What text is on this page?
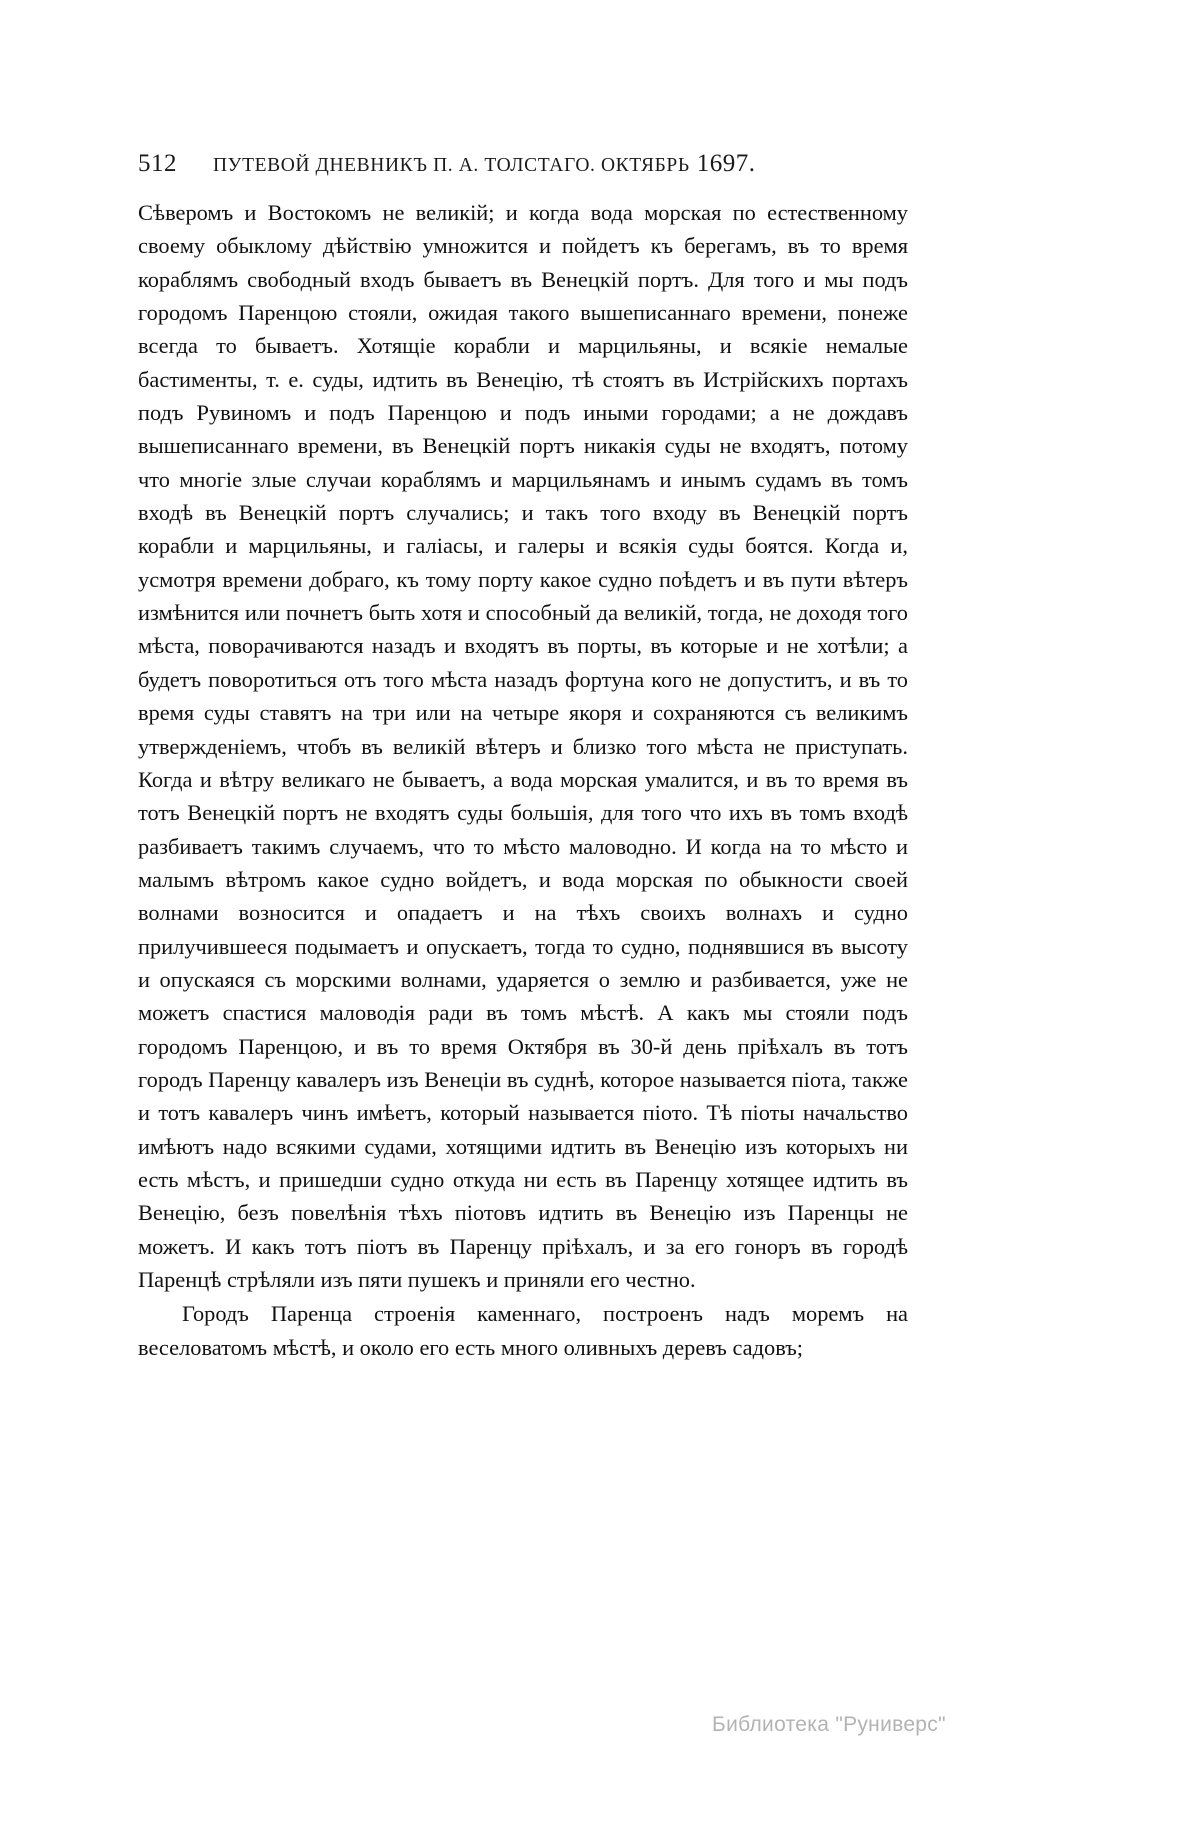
512 ПУТЕВОЙ ДНЕВНИКЪ П. А. ТОЛСТАГО. ОКТЯБРЬ 1697.

Сѣверомъ и Востокомъ не великiй; и когда вода морская по естественному своему обыклому дѣйствiю умножится и пойдетъ къ берегамъ, въ то время кораблямъ свободный входъ бываетъ въ Венецкiй портъ. Для того и мы подъ городомъ Паренцою стояли, ожидая такого вышеписаннаго времени, понеже всегда то бываетъ. Хотящiе корабли и марцильяны, и всякiе немалые бастименты, т. е. суды, идтить въ Венецiю, тѣ стоятъ въ Истрiйскихъ портахъ подъ Рувиномъ и подъ Паренцою и подъ иными городами; а не дождавъ вышеписаннаго времени, въ Венецкiй портъ никакiя суды не входятъ, потому что многiе злые случаи кораблямъ и марцильянамъ и инымъ судамъ въ томъ входѣ въ Венецкiй портъ случались; и такъ того входу въ Венецкiй портъ корабли и марцильяны, и галiасы, и галеры и всякiя суды боятся. Когда и, усмотря времени добраго, къ тому порту какое судно поѣдетъ и въ пути вѣтеръ измѣнится или почнетъ быть хотя и способный да великiй, тогда, не доходя того мѣста, поворачиваются назадъ и входятъ въ порты, въ которые и не хотѣли; а будетъ поворотиться отъ того мѣста назадъ фортуна кого не допуститъ, и въ то время суды ставятъ на три или на четыре якоря и сохраняются съ великимъ утвержденiемъ, чтобъ въ великiй вѣтеръ и близко того мѣста не приступать. Когда и вѣтру великаго не бываетъ, а вода морская умалится, и въ то время въ тотъ Венецкiй портъ не входятъ суды большiя, для того что ихъ въ томъ входѣ разбиваетъ такимъ случаемъ, что то мѣсто маловодно. И когда на то мѣсто и малымъ вѣтромъ какое судно войдетъ, и вода морская по обыкности своей волнами возносится и опадаетъ и на тѣхъ своихъ волнахъ и судно прилучившееся подымаетъ и опускаетъ, тогда то судно, поднявшися въ высоту и опускаяся съ морскими волнами, ударяется о землю и разбивается, уже не можетъ спастися маловодiя ради въ томъ мѣстѣ. А какъ мы стояли подъ городомъ Паренцою, и въ то время Октября въ 30-й день прiѣхалъ въ тотъ городъ Паренцу кавалеръ изъ Венецiи въ суднѣ, которое называется пiота, также и тотъ кавалеръ чинъ имѣетъ, который называется пiото. Тѣ пiоты начальство имѣютъ надо всякими судами, хотящими идтить въ Венецiю изъ которыхъ ни есть мѣстъ, и пришедши судно откуда ни есть въ Паренцу хотящее идтить въ Венецiю, безъ повелѣнiя тѣхъ пiотовъ идтить въ Венецiю изъ Паренцы не можетъ. И какъ тотъ пiотъ въ Паренцу прiѣхалъ, и за его гоноръ въ городѣ Паренцѣ стрѣляли изъ пяти пушекъ и приняли его честно.

Городъ Паренца строенiя каменнаго, построенъ надъ моремъ на веселоватомъ мѣстѣ, и около его есть много оливныхъ деревъ садовъ;

Библиотека "Руниверс"
